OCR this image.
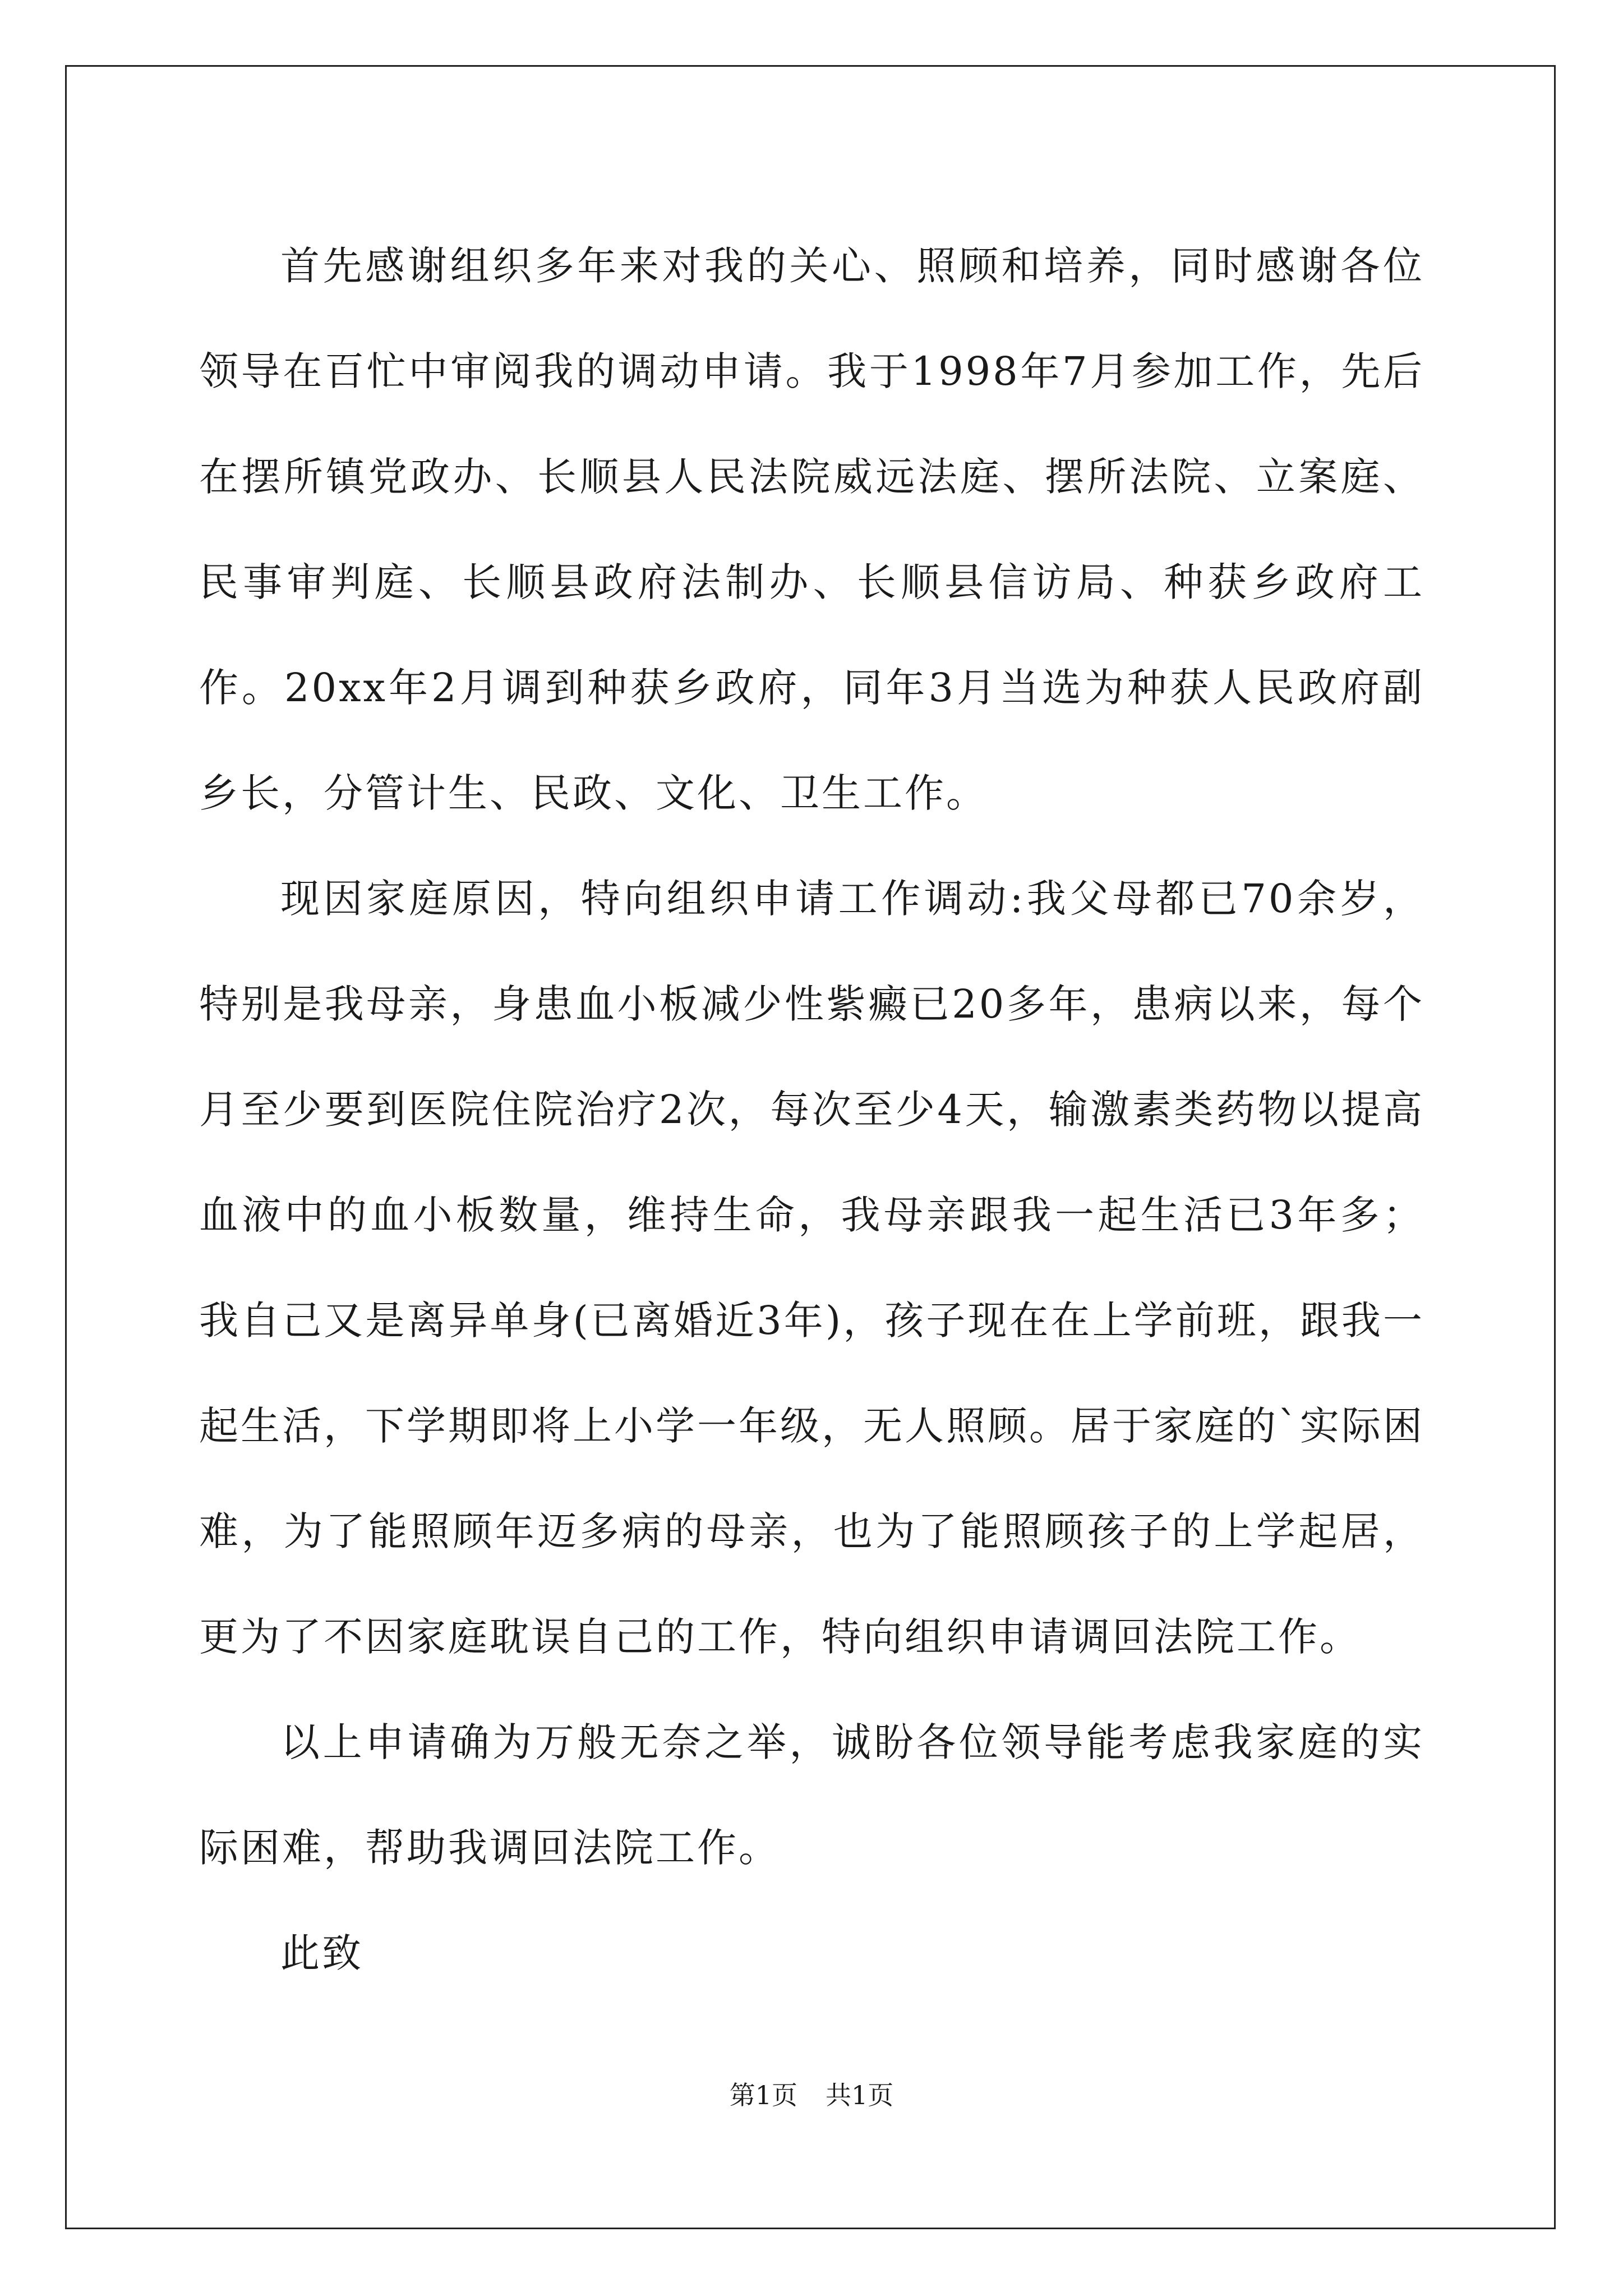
首先感谢组织多年来对我的关心、照顾和培养，同时感谢各位领导在百忙中审阅我的调动申请。我于1998年7月参加工作，先后在摆所镇党政办、长顺县人民法院威远法庭、摆所法院、立案庭、民事审判庭、长顺县政府法制办、长顺县信访局、种获乡政府工作。20xx年2月调到种获乡政府，同年3月当选为种获人民政府副乡长，分管计生、民政、文化、卫生工作。

现因家庭原因，特向组织申请工作调动:我父母都已70余岁，特别是我母亲，身患血小板减少性紫癜已20多年，患病以来，每个月至少要到医院住院治疗2次，每次至少4天，输激素类药物以提高血液中的血小板数量，维持生命，我母亲跟我一起生活已3年多；我自己又是离异单身(已离婚近3年)，孩子现在在上学前班，跟我一起生活，下学期即将上小学一年级，无人照顾。居于家庭的`实际困难，为了能照顾年迈多病的母亲，也为了能照顾孩子的上学起居，更为了不因家庭耽误自己的工作，特向组织申请调回法院工作。

以上申请确为万般无奈之举，诚盼各位领导能考虑我家庭的实际困难，帮助我调回法院工作。

此致

第1页 共1页
